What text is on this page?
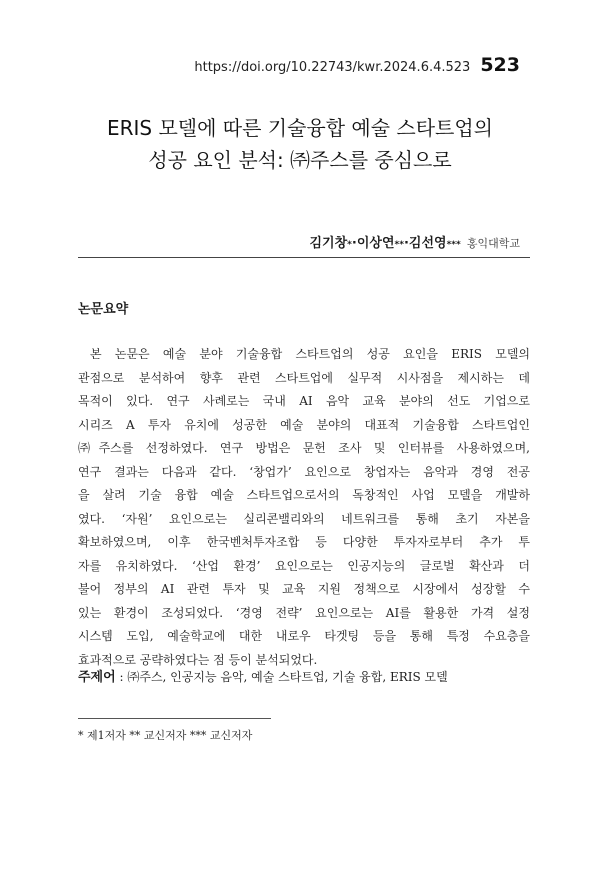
https://doi.org/10.22743/kwr.2024.6.4.523 523
ERIS 모델에 따른 기술융합 예술 스타트업의
성공 요인 분석: ㈜주스를 중심으로
김기창*·이상연**·김선영*** 홍익대학교
논문요약
본 논문은 예술 분야 기술융합 스타트업의 성공 요인을 ERIS 모델의
관점으로 분석하여 향후 관련 스타트업에 실무적 시사점을 제시하는 데
목적이 있다. 연구 사례로는 국내 AI 음악 교육 분야의 선도 기업으로
시리즈 A 투자 유치에 성공한 예술 분야의 대표적 기술융합 스타트업인
㈜주스를 선정하였다. 연구 방법은 문헌 조사 및 인터뷰를 사용하였으며,
연구 결과는 다음과 같다. ‘창업가’ 요인으로 창업자는 음악과 경영 전공
을 살려 기술 융합 예술 스타트업으로서의 독창적인 사업 모델을 개발하
였다. ‘자원’ 요인으로는 실리콘밸리와의 네트워크를 통해 초기 자본을
확보하였으며, 이후 한국벤처투자조합 등 다양한 투자자로부터 추가 투
자를 유치하였다. ‘산업 환경’ 요인으로는 인공지능의 글로벌 확산과 더
불어 정부의 AI 관련 투자 및 교육 지원 정책으로 시장에서 성장할 수
있는 환경이 조성되었다. ‘경영 전략’ 요인으로는 AI를 활용한 가격 설정
시스템 도입, 예술학교에 대한 내로우 타겟팅 등을 통해 특정 수요층을
효과적으로 공략하였다는 점 등이 분석되었다.
주제어 : ㈜주스, 인공지능 음악, 예술 스타트업, 기술 융합, ERIS 모델
* 제1저자 ** 교신저자 *** 교신저자
